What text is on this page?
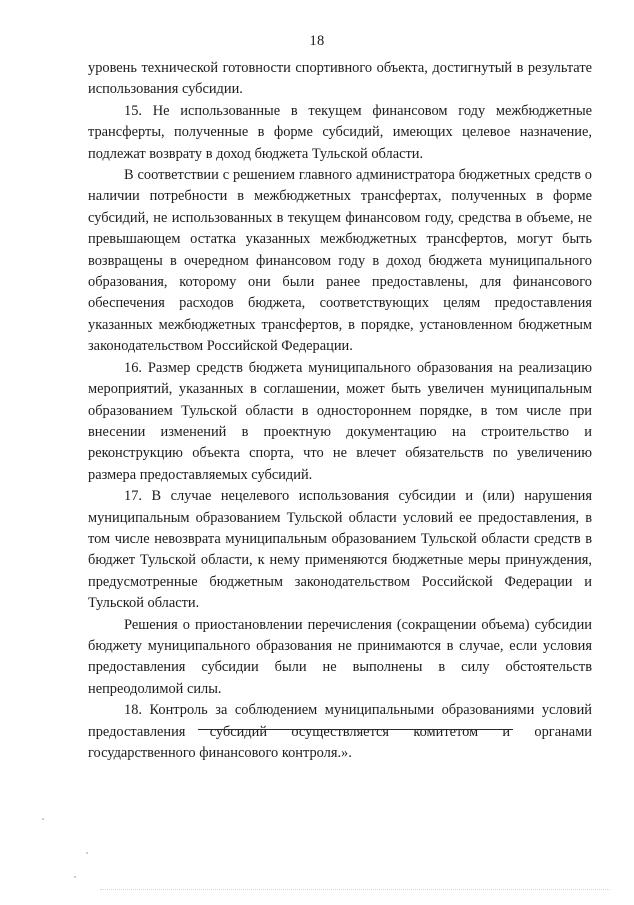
18

уровень технической готовности спортивного объекта, достигнутый в результате использования субсидии.

15. Не использованные в текущем финансовом году межбюджетные трансферты, полученные в форме субсидий, имеющих целевое назначение, подлежат возврату в доход бюджета Тульской области.

В соответствии с решением главного администратора бюджетных средств о наличии потребности в межбюджетных трансфертах, полученных в форме субсидий, не использованных в текущем финансовом году, средства в объеме, не превышающем остатка указанных межбюджетных трансфертов, могут быть возвращены в очередном финансовом году в доход бюджета муниципального образования, которому они были ранее предоставлены, для финансового обеспечения расходов бюджета, соответствующих целям предоставления указанных межбюджетных трансфертов, в порядке, установленном бюджетным законодательством Российской Федерации.

16. Размер средств бюджета муниципального образования на реализацию мероприятий, указанных в соглашении, может быть увеличен муниципальным образованием Тульской области в одностороннем порядке, в том числе при внесении изменений в проектную документацию на строительство и реконструкцию объекта спорта, что не влечет обязательств по увеличению размера предоставляемых субсидий.

17. В случае нецелевого использования субсидии и (или) нарушения муниципальным образованием Тульской области условий ее предоставления, в том числе невозврата муниципальным образованием Тульской области средств в бюджет Тульской области, к нему применяются бюджетные меры принуждения, предусмотренные бюджетным законодательством Российской Федерации и Тульской области.

Решения о приостановлении перечисления (сокращении объема) субсидии бюджету муниципального образования не принимаются в случае, если условия предоставления субсидии были не выполнены в силу обстоятельств непреодолимой силы.

18. Контроль за соблюдением муниципальными образованиями условий предоставления субсидий осуществляется комитетом и органами государственного финансового контроля.».
